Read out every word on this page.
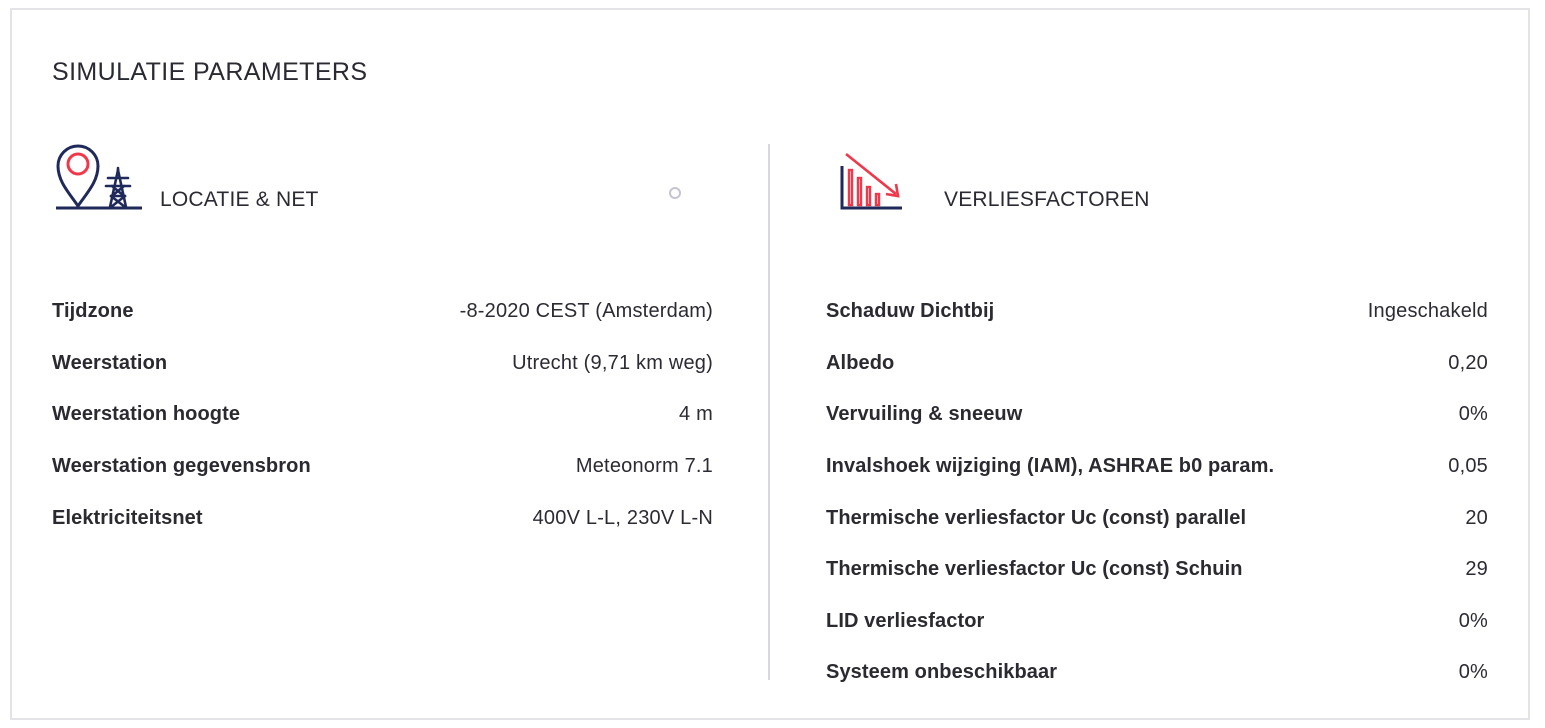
SIMULATIE PARAMETERS
LOCATIE & NET
Tijdzone	-8-2020 CEST (Amsterdam)
Weerstation	Utrecht (9,71 km weg)
Weerstation hoogte	4 m
Weerstation gegevensbron	Meteonorm 7.1
Elektriciteitsnet	400V L-L, 230V L-N
VERLIESFACTOREN
Schaduw Dichtbij	Ingeschakeld
Albedo	0,20
Vervuiling & sneeuw	0%
Invalshoek wijziging (IAM), ASHRAE b0 param.	0,05
Thermische verliesfactor Uc (const) parallel	20
Thermische verliesfactor Uc (const) Schuin	29
LID verliesfactor	0%
Systeem onbeschikbaar	0%
